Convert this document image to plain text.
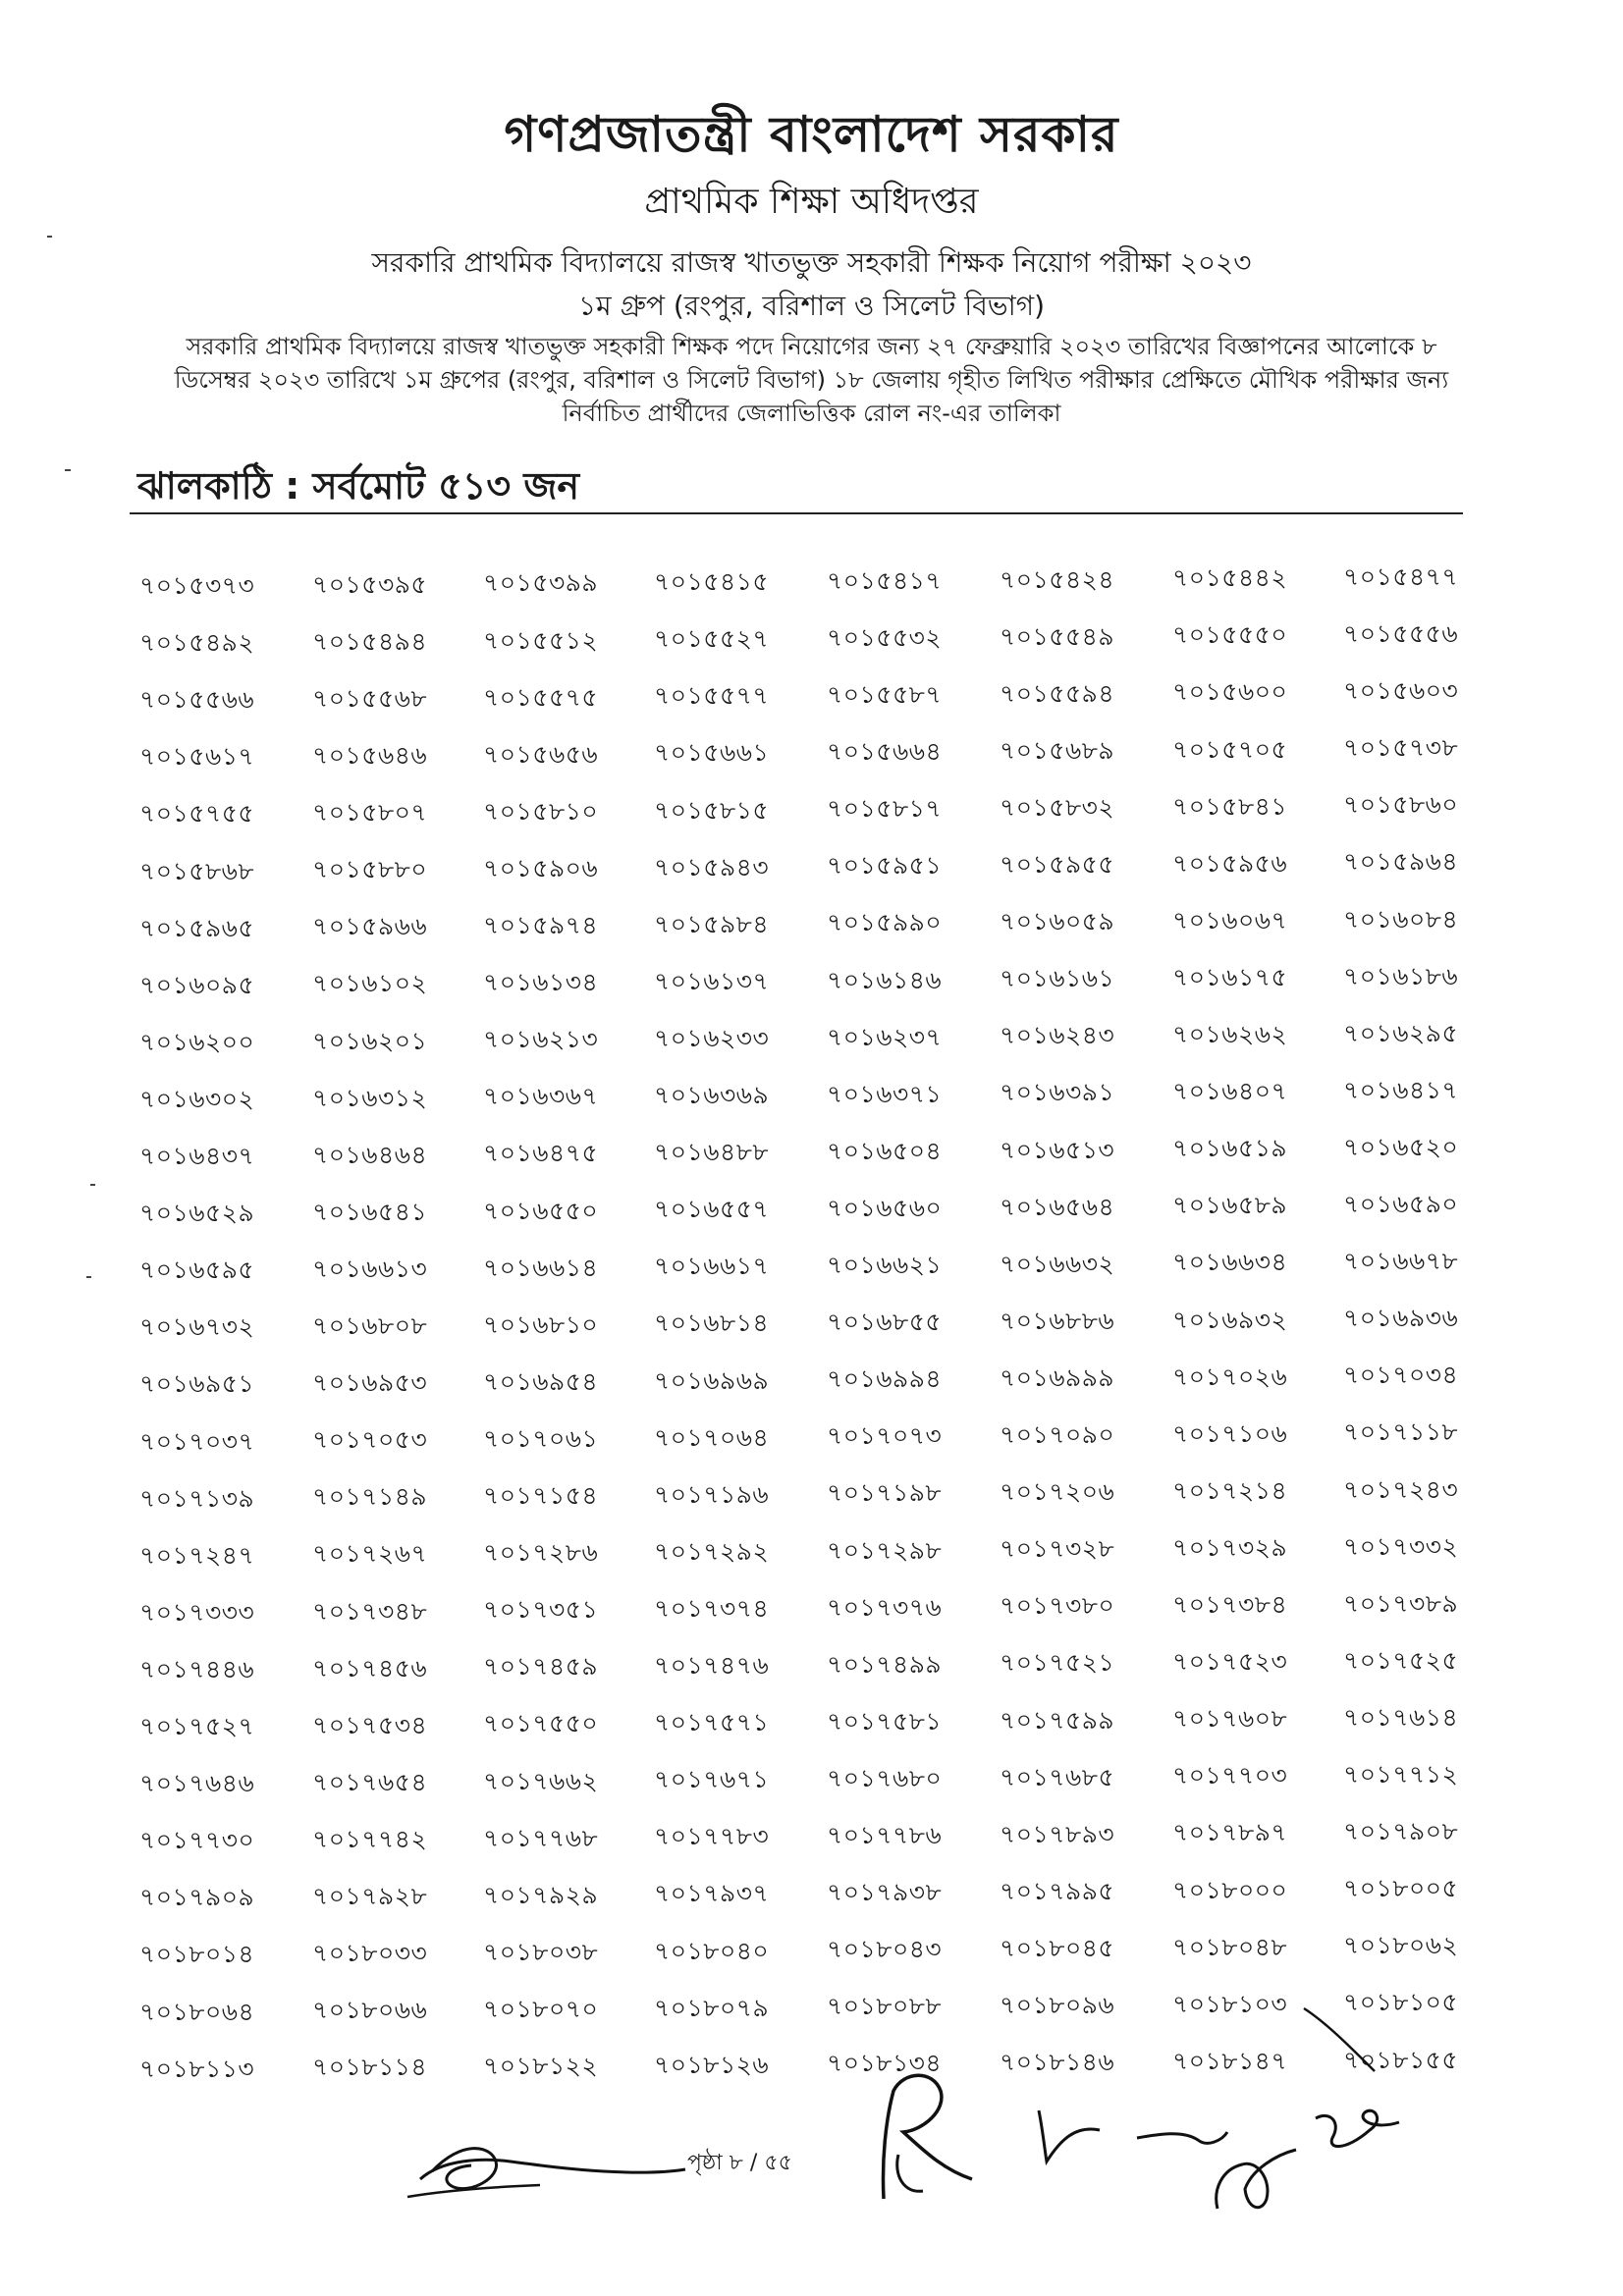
গণপ্রজাতন্ত্রী বাংলাদেশ সরকার
প্রাথমিক শিক্ষা অধিদপ্তর
সরকারি প্রাথমিক বিদ্যালয়ে রাজস্ব খাতভুক্ত সহকারী শিক্ষক নিয়োগ পরীক্ষা ২০২৩
১ম গ্রুপ (রংপুর, বরিশাল ও সিলেট বিভাগ)
সরকারি প্রাথমিক বিদ্যালয়ে রাজস্ব খাতভুক্ত সহকারী শিক্ষক পদে নিয়োগের জন্য ২৭ ফেব্রুয়ারি ২০২৩ তারিখের বিজ্ঞাপনের আলোকে ৮
ডিসেম্বর ২০২৩ তারিখে ১ম গ্রুপের (রংপুর, বরিশাল ও সিলেট বিভাগ) ১৮ জেলায় গৃহীত লিখিত পরীক্ষার প্রেক্ষিতে মৌখিক পরীক্ষার জন্য
নির্বাচিত প্রার্থীদের জেলাভিত্তিক রোল নং-এর তালিকা
ঝালকাঠি : সর্বমোট ৫১৩ জন
৭০১৫৩৭৩	৭০১৫৩৯৫	৭০১৫৩৯৯	৭০১৫৪১৫	৭০১৫৪১৭	৭০১৫৪২৪	৭০১৫৪৪২	৭০১৫৪৭৭
৭০১৫৪৯২	৭০১৫৪৯৪	৭০১৫৫১২	৭০১৫৫২৭	৭০১৫৫৩২	৭০১৫৫৪৯	৭০১৫৫৫০	৭০১৫৫৫৬
৭০১৫৫৬৬	৭০১৫৫৬৮	৭০১৫৫৭৫	৭০১৫৫৭৭	৭০১৫৫৮৭	৭০১৫৫৯৪	৭০১৫৬০০	৭০১৫৬০৩
৭০১৫৬১৭	৭০১৫৬৪৬	৭০১৫৬৫৬	৭০১৫৬৬১	৭০১৫৬৬৪	৭০১৫৬৮৯	৭০১৫৭০৫	৭০১৫৭৩৮
৭০১৫৭৫৫	৭০১৫৮০৭	৭০১৫৮১০	৭০১৫৮১৫	৭০১৫৮১৭	৭০১৫৮৩২	৭০১৫৮৪১	৭০১৫৮৬০
৭০১৫৮৬৮	৭০১৫৮৮০	৭০১৫৯০৬	৭০১৫৯৪৩	৭০১৫৯৫১	৭০১৫৯৫৫	৭০১৫৯৫৬	৭০১৫৯৬৪
৭০১৫৯৬৫	৭০১৫৯৬৬	৭০১৫৯৭৪	৭০১৫৯৮৪	৭০১৫৯৯০	৭০১৬০৫৯	৭০১৬০৬৭	৭০১৬০৮৪
৭০১৬০৯৫	৭০১৬১০২	৭০১৬১৩৪	৭০১৬১৩৭	৭০১৬১৪৬	৭০১৬১৬১	৭০১৬১৭৫	৭০১৬১৮৬
৭০১৬২০০	৭০১৬২০১	৭০১৬২১৩	৭০১৬২৩৩	৭০১৬২৩৭	৭০১৬২৪৩	৭০১৬২৬২	৭০১৬২৯৫
৭০১৬৩০২	৭০১৬৩১২	৭০১৬৩৬৭	৭০১৬৩৬৯	৭০১৬৩৭১	৭০১৬৩৯১	৭০১৬৪০৭	৭০১৬৪১৭
৭০১৬৪৩৭	৭০১৬৪৬৪	৭০১৬৪৭৫	৭০১৬৪৮৮	৭০১৬৫০৪	৭০১৬৫১৩	৭০১৬৫১৯	৭০১৬৫২০
৭০১৬৫২৯	৭০১৬৫৪১	৭০১৬৫৫০	৭০১৬৫৫৭	৭০১৬৫৬০	৭০১৬৫৬৪	৭০১৬৫৮৯	৭০১৬৫৯০
৭০১৬৫৯৫	৭০১৬৬১৩	৭০১৬৬১৪	৭০১৬৬১৭	৭০১৬৬২১	৭০১৬৬৩২	৭০১৬৬৩৪	৭০১৬৬৭৮
৭০১৬৭৩২	৭০১৬৮০৮	৭০১৬৮১০	৭০১৬৮১৪	৭০১৬৮৫৫	৭০১৬৮৮৬	৭০১৬৯৩২	৭০১৬৯৩৬
৭০১৬৯৫১	৭০১৬৯৫৩	৭০১৬৯৫৪	৭০১৬৯৬৯	৭০১৬৯৯৪	৭০১৬৯৯৯	৭০১৭০২৬	৭০১৭০৩৪
৭০১৭০৩৭	৭০১৭০৫৩	৭০১৭০৬১	৭০১৭০৬৪	৭০১৭০৭৩	৭০১৭০৯০	৭০১৭১০৬	৭০১৭১১৮
৭০১৭১৩৯	৭০১৭১৪৯	৭০১৭১৫৪	৭০১৭১৯৬	৭০১৭১৯৮	৭০১৭২০৬	৭০১৭২১৪	৭০১৭২৪৩
৭০১৭২৪৭	৭০১৭২৬৭	৭০১৭২৮৬	৭০১৭২৯২	৭০১৭২৯৮	৭০১৭৩২৮	৭০১৭৩২৯	৭০১৭৩৩২
৭০১৭৩৩৩	৭০১৭৩৪৮	৭০১৭৩৫১	৭০১৭৩৭৪	৭০১৭৩৭৬	৭০১৭৩৮০	৭০১৭৩৮৪	৭০১৭৩৮৯
৭০১৭৪৪৬	৭০১৭৪৫৬	৭০১৭৪৫৯	৭০১৭৪৭৬	৭০১৭৪৯৯	৭০১৭৫২১	৭০১৭৫২৩	৭০১৭৫২৫
৭০১৭৫২৭	৭০১৭৫৩৪	৭০১৭৫৫০	৭০১৭৫৭১	৭০১৭৫৮১	৭০১৭৫৯৯	৭০১৭৬০৮	৭০১৭৬১৪
৭০১৭৬৪৬	৭০১৭৬৫৪	৭০১৭৬৬২	৭০১৭৬৭১	৭০১৭৬৮০	৭০১৭৬৮৫	৭০১৭৭০৩	৭০১৭৭১২
৭০১৭৭৩০	৭০১৭৭৪২	৭০১৭৭৬৮	৭০১৭৭৮৩	৭০১৭৭৮৬	৭০১৭৮৯৩	৭০১৭৮৯৭	৭০১৭৯০৮
৭০১৭৯০৯	৭০১৭৯২৮	৭০১৭৯২৯	৭০১৭৯৩৭	৭০১৭৯৩৮	৭০১৭৯৯৫	৭০১৮০০০	৭০১৮০০৫
৭০১৮০১৪	৭০১৮০৩৩	৭০১৮০৩৮	৭০১৮০৪০	৭০১৮০৪৩	৭০১৮০৪৫	৭০১৮০৪৮	৭০১৮০৬২
৭০১৮০৬৪	৭০১৮০৬৬	৭০১৮০৭০	৭০১৮০৭৯	৭০১৮০৮৮	৭০১৮০৯৬	৭০১৮১০৩	৭০১৮১০৫
৭০১৮১১৩	৭০১৮১১৪	৭০১৮১২২	৭০১৮১২৬	৭০১৮১৩৪	৭০১৮১৪৬	৭০১৮১৪৭	৭০১৮১৫৫
পৃষ্ঠা ৮ / ৫৫
